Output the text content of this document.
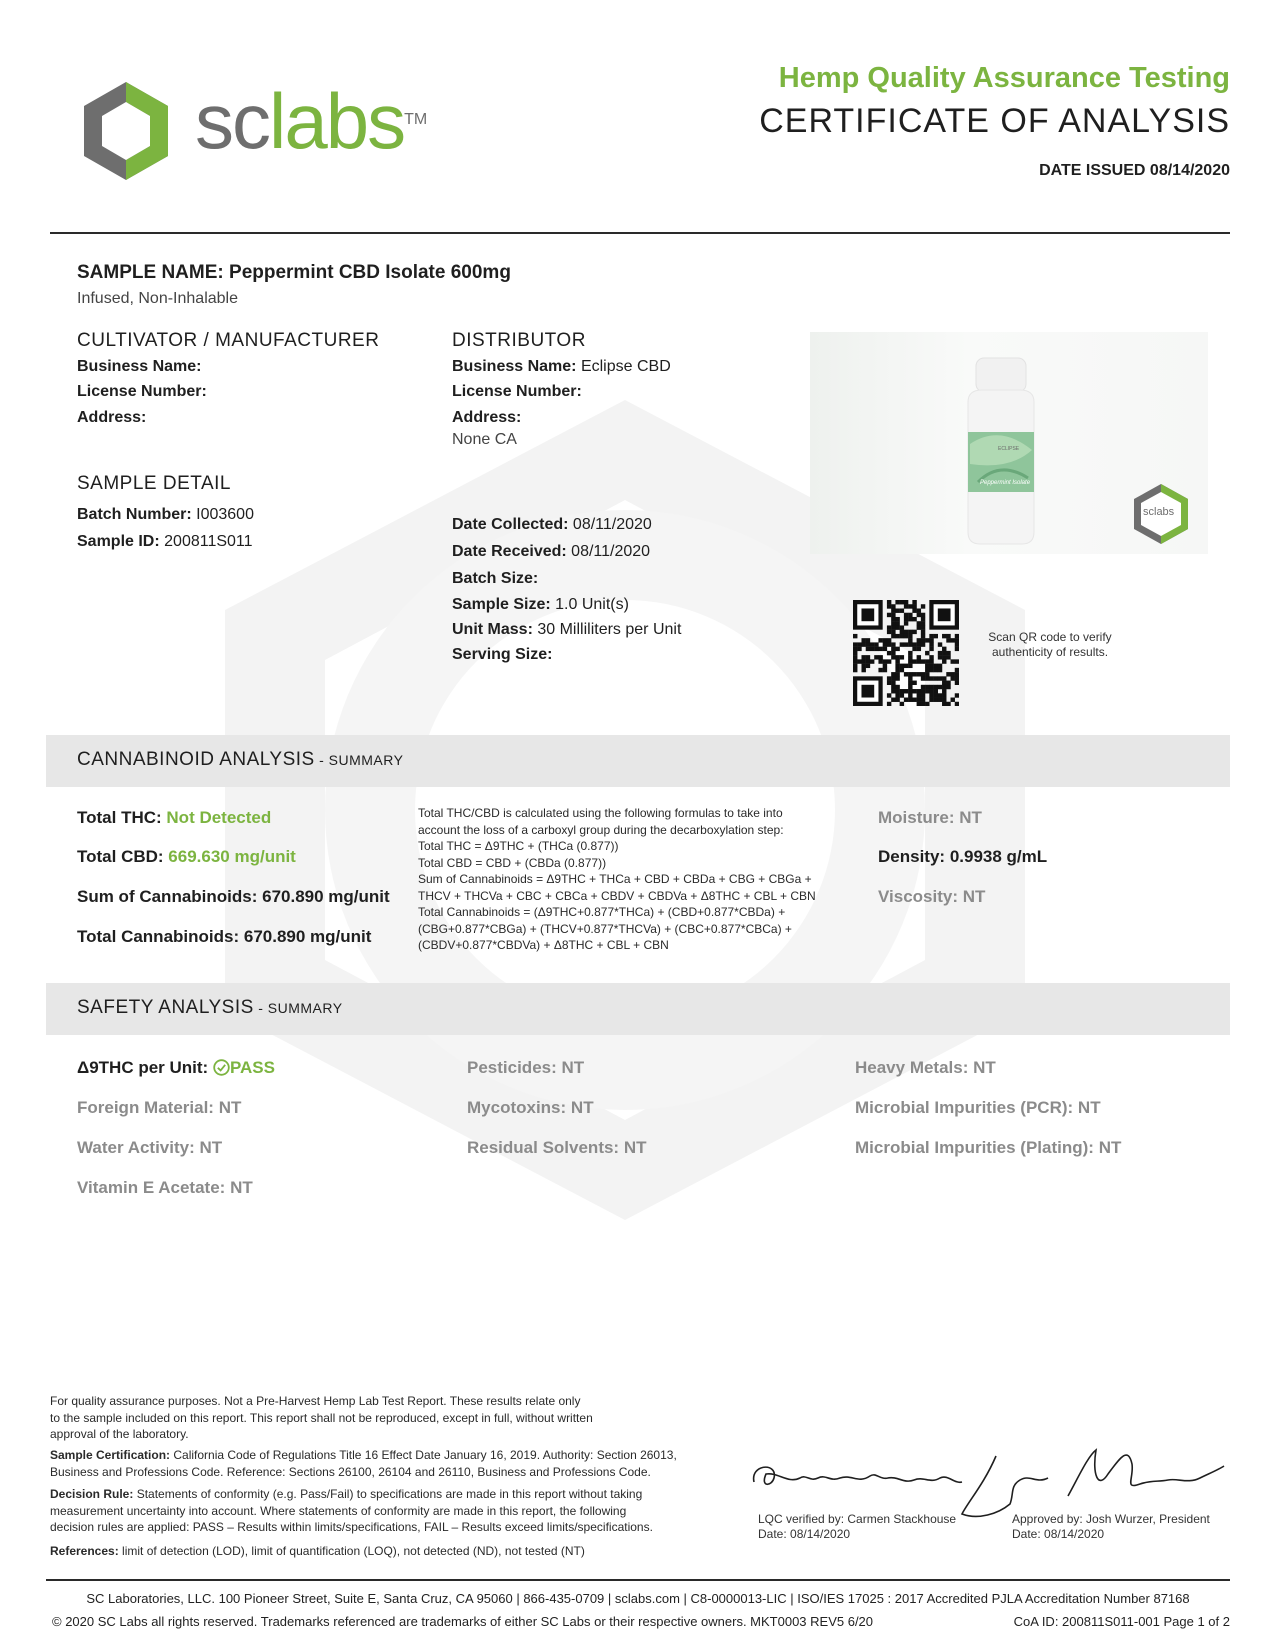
sclabs™
Hemp Quality Assurance Testing
CERTIFICATE OF ANALYSIS
DATE ISSUED 08/14/2020
SAMPLE NAME: Peppermint CBD Isolate 600mg
Infused, Non-Inhalable
CULTIVATOR / MANUFACTURER
Business Name:
License Number:
Address:
DISTRIBUTOR
Business Name: Eclipse CBD
License Number:
Address:
None CA
SAMPLE DETAIL
Batch Number: I003600
Sample ID: 200811S011
Date Collected: 08/11/2020
Date Received: 08/11/2020
Batch Size:
Sample Size: 1.0 Unit(s)
Unit Mass: 30 Milliliters per Unit
Serving Size:
ECLIPSE
Peppermint Isolate
sclabs
Scan QR code to verify authenticity of results.
CANNABINOID ANALYSIS - SUMMARY
Total THC: Not Detected
Total CBD: 669.630 mg/unit
Sum of Cannabinoids: 670.890 mg/unit
Total Cannabinoids: 670.890 mg/unit
Total THC/CBD is calculated using the following formulas to take into
account the loss of a carboxyl group during the decarboxylation step:
Total THC = Δ9THC + (THCa (0.877))
Total CBD = CBD + (CBDa (0.877))
Sum of Cannabinoids = Δ9THC + THCa + CBD + CBDa + CBG + CBGa +
THCV + THCVa + CBC + CBCa + CBDV + CBDVa + Δ8THC + CBL + CBN
Total Cannabinoids = (Δ9THC+0.877*THCa) + (CBD+0.877*CBDa) +
(CBG+0.877*CBGa) + (THCV+0.877*THCVa) + (CBC+0.877*CBCa) +
(CBDV+0.877*CBDVa) + Δ8THC + CBL + CBN
Moisture: NT
Density: 0.9938 g/mL
Viscosity: NT
SAFETY ANALYSIS - SUMMARY
Δ9THC per Unit: PASS
Foreign Material: NT
Water Activity: NT
Vitamin E Acetate: NT
Pesticides: NT
Mycotoxins: NT
Residual Solvents: NT
Heavy Metals: NT
Microbial Impurities (PCR): NT
Microbial Impurities (Plating): NT
For quality assurance purposes. Not a Pre-Harvest Hemp Lab Test Report. These results relate only
to the sample included on this report. This report shall not be reproduced, except in full, without written
approval of the laboratory.
Sample Certification: California Code of Regulations Title 16 Effect Date January 16, 2019. Authority: Section 26013,
Business and Professions Code. Reference: Sections 26100, 26104 and 26110, Business and Professions Code.
Decision Rule: Statements of conformity (e.g. Pass/Fail) to specifications are made in this report without taking
measurement uncertainty into account. Where statements of conformity are made in this report, the following
decision rules are applied: PASS – Results within limits/specifications, FAIL – Results exceed limits/specifications.
References: limit of detection (LOD), limit of quantification (LOQ), not detected (ND), not tested (NT)
LQC verified by: Carmen Stackhouse
Date: 08/14/2020
Approved by: Josh Wurzer, President
Date: 08/14/2020
SC Laboratories, LLC. 100 Pioneer Street, Suite E, Santa Cruz, CA 95060 | 866-435-0709 | sclabs.com | C8-0000013-LIC | ISO/IES 17025 : 2017 Accredited PJLA Accreditation Number 87168
© 2020 SC Labs all rights reserved. Trademarks referenced are trademarks of either SC Labs or their respective owners. MKT0003 REV5 6/20	CoA ID: 200811S011-001 Page 1 of 2
